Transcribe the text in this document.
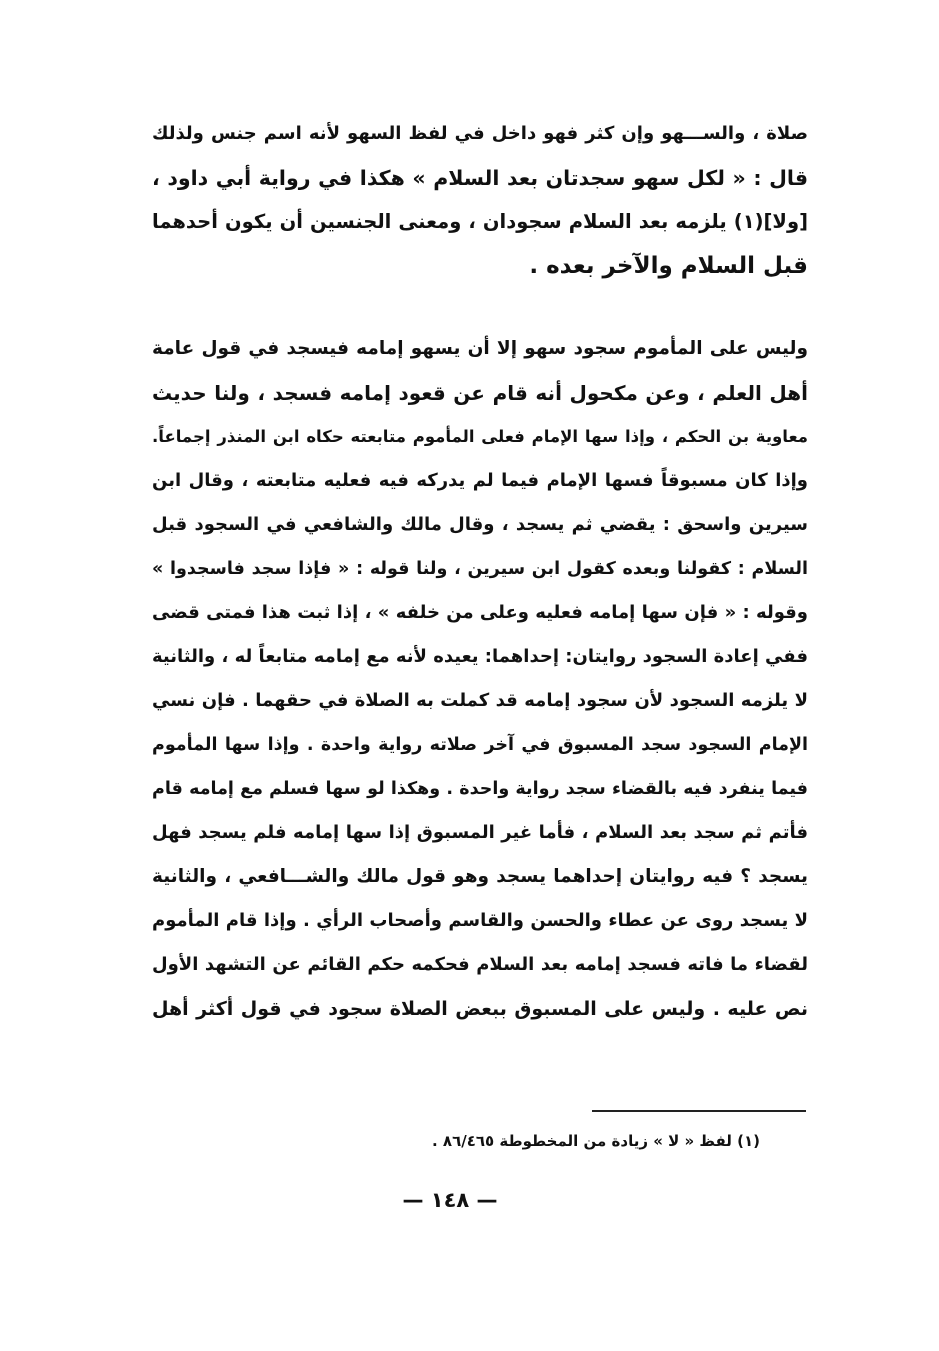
صلاة ، والســـهو وإن كثر فهو داخل في لفظ السهو لأنه اسم جنس ولذلك
قال : « لكل سهو سجدتان بعد السلام » هكذا في رواية أبي داود ،
[ولا](١) يلزمه بعد السلام سجودان ، ومعنى الجنسين أن يكون أحدهما
قبل السلام والآخر بعده .
وليس على المأموم سجود سهو إلا أن يسهو إمامه فيسجد في قول عامة
أهل العلم ، وعن مكحول أنه قام عن قعود إمامه فسجد ، ولنا حديث
معاوية بن الحكم ، وإذا سها الإمام فعلى المأموم متابعته حكاه ابن المنذر إجماعاً.
وإذا كان مسبوقاً فسها الإمام فيما لم يدركه فيه فعليه متابعته ، وقال ابن
سيرين واسحق : يقضي ثم يسجد ، وقال مالك والشافعي في السجود قبل
السلام : كقولنا وبعده كقول ابن سيرين ، ولنا قوله : « فإذا سجد فاسجدوا »
وقوله : « فإن سها إمامه فعليه وعلى من خلفه » ، إذا ثبت هذا فمتى قضى
ففي إعادة السجود روايتان: إحداهما: يعيده لأنه مع إمامه متابعاً له ، والثانية
لا يلزمه السجود لأن سجود إمامه قد كملت به الصلاة في حقهما . فإن نسي
الإمام السجود سجد المسبوق في آخر صلاته رواية واحدة . وإذا سها المأموم
فيما ينفرد فيه بالقضاء سجد رواية واحدة . وهكذا لو سها فسلم مع إمامه قام
فأتم ثم سجد بعد السلام ، فأما غير المسبوق إذا سها إمامه فلم يسجد فهل
يسجد ؟ فيه روايتان إحداهما يسجد وهو قول مالك والشـــافعي ، والثانية
لا يسجد روى عن عطاء والحسن والقاسم وأصحاب الرأي . وإذا قام المأموم
لقضاء ما فاته فسجد إمامه بعد السلام فحكمه حكم القائم عن التشهد الأول
نص عليه . وليس على المسبوق ببعض الصلاة سجود في قول أكثر أهل
(١) لفظ « لا » زيادة من المخطوطة ٨٦/٤٦٥ .
— ١٤٨ —
